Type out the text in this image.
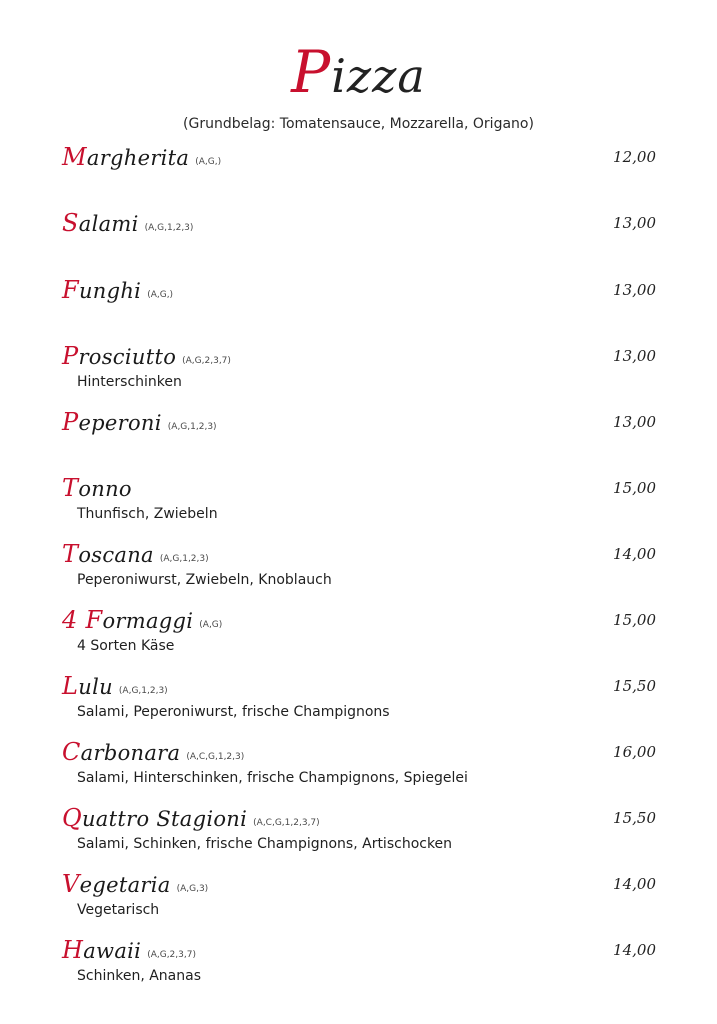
Pizza
(Grundbelag: Tomatensauce, Mozzarella, Origano)
Margherita (A,G,)	12,00
Salami (A,G,1,2,3)	13,00
Funghi (A,G,)	13,00
Prosciutto (A,G,2,3,7)	13,00
Hinterschinken
Peperoni (A,G,1,2,3)	13,00
Tonno	15,00
Thunfisch, Zwiebeln
Toscana (A,G,1,2,3)	14,00
Peperoniwurst, Zwiebeln, Knoblauch
4 Formaggi (A,G)	15,00
4 Sorten Käse
Lulu (A,G,1,2,3)	15,50
Salami, Peperoniwurst, frische Champignons
Carbonara (A,C,G,1,2,3)	16,00
Salami, Hinterschinken, frische Champignons, Spiegelei
Quattro Stagioni (A,C,G,1,2,3,7)	15,50
Salami, Schinken, frische Champignons, Artischocken
Vegetaria (A,G,3)	14,00
Vegetarisch
Hawaii (A,G,2,3,7)	14,00
Schinken, Ananas
